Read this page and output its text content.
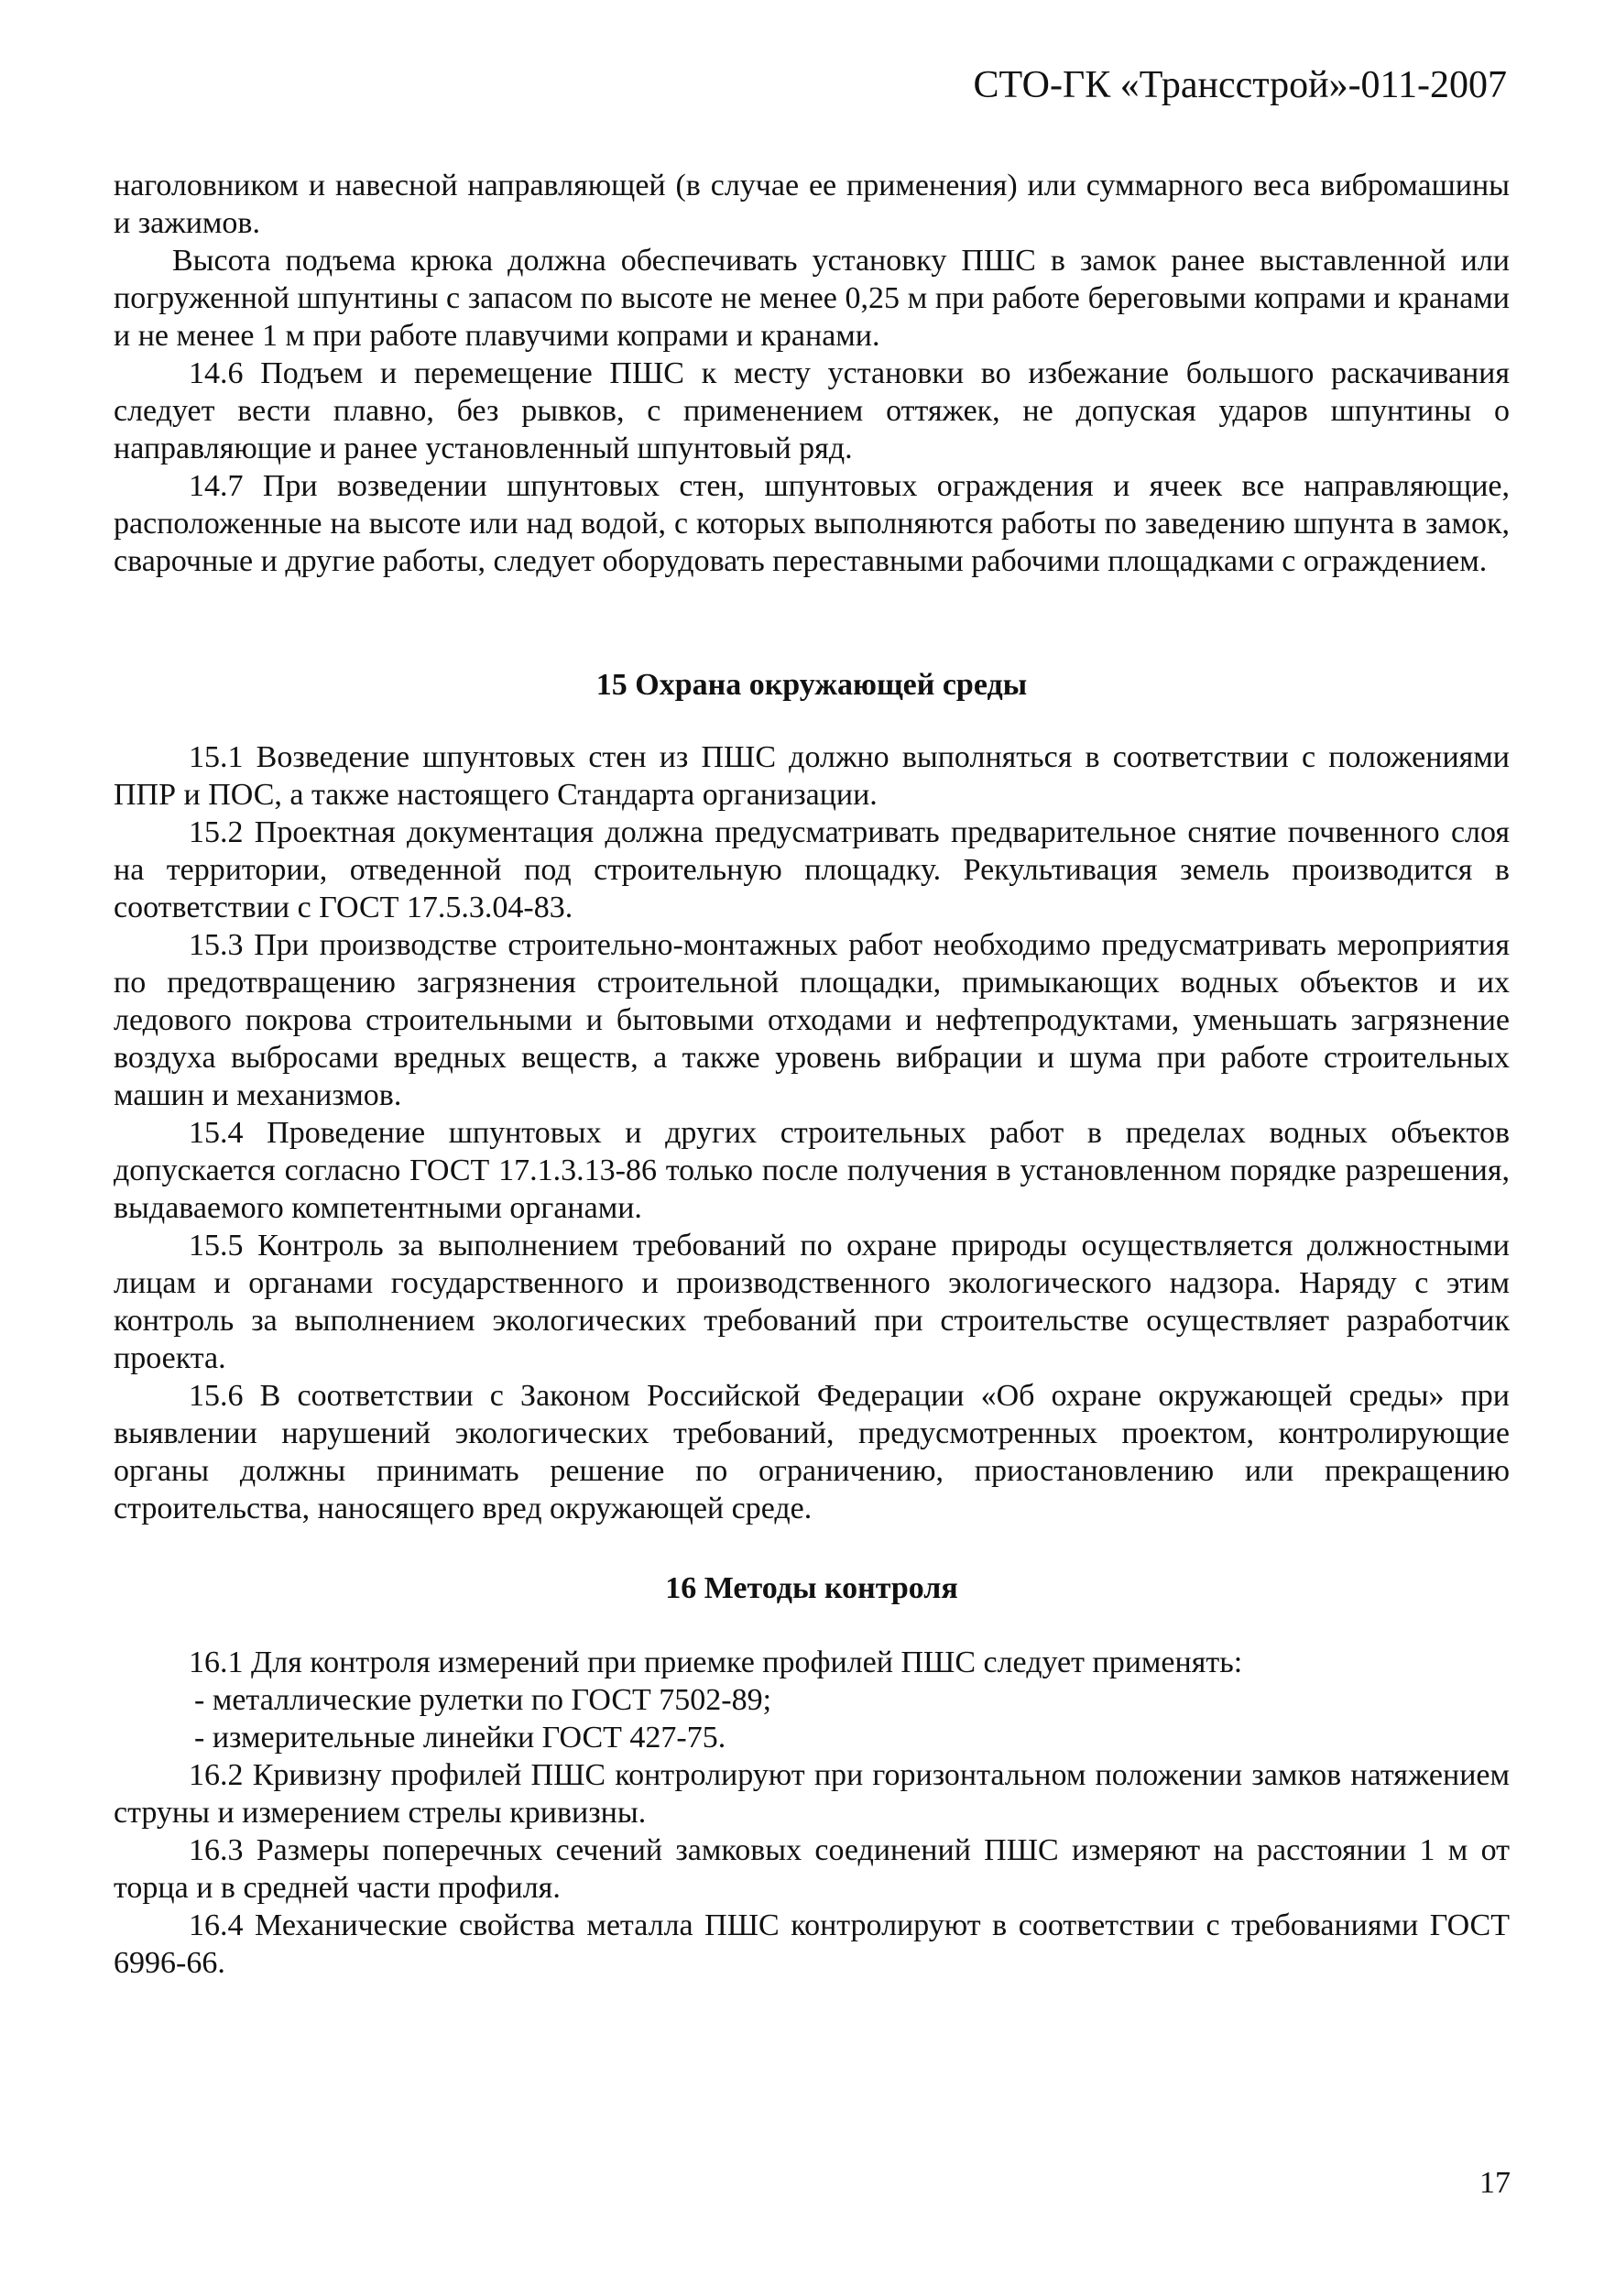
СТО-ГК «Трансстрой»-011-2007

наголовником и навесной направляющей (в случае ее применения) или суммарного веса вибромашины и зажимов.

Высота подъема крюка должна обеспечивать установку ПШС в замок ранее выставленной или погруженной шпунтины с запасом по высоте не менее 0,25 м при работе береговыми копрами и кранами и не менее 1 м при работе плавучими копрами и кранами.

14.6 Подъем и перемещение ПШС к месту установки во избежание большого раскачивания следует вести плавно, без рывков, с применением оттяжек, не допуская ударов шпунтины о направляющие и ранее установленный шпунтовый ряд.

14.7 При возведении шпунтовых стен, шпунтовых ограждения и ячеек все направляющие, расположенные на высоте или над водой, с которых выполняются работы по заведению шпунта в замок, сварочные и другие работы, следует оборудовать переставными рабочими площадками с ограждением.

15 Охрана окружающей среды

15.1 Возведение шпунтовых стен из ПШС должно выполняться в соответствии с положениями ППР и ПОС, а также настоящего Стандарта организации.

15.2 Проектная документация должна предусматривать предварительное снятие почвенного слоя на территории, отведенной под строительную площадку. Рекультивация земель производится в соответствии с ГОСТ 17.5.3.04-83.

15.3 При производстве строительно-монтажных работ необходимо предусматривать мероприятия по предотвращению загрязнения строительной площадки, примыкающих водных объектов и их ледового покрова строительными и бытовыми отходами и нефтепродуктами, уменьшать загрязнение воздуха выбросами вредных веществ, а также уровень вибрации и шума при работе строительных машин и механизмов.

15.4 Проведение шпунтовых и других строительных работ в пределах водных объектов допускается согласно ГОСТ 17.1.3.13-86 только после получения в установленном порядке разрешения, выдаваемого компетентными органами.

15.5 Контроль за выполнением требований по охране природы осуществляется должностными лицам и органами государственного и производственного экологического надзора. Наряду с этим контроль за выполнением экологических требований при строительстве осуществляет разработчик проекта.

15.6 В соответствии с Законом Российской Федерации «Об охране окружающей среды» при выявлении нарушений экологических требований, предусмотренных проектом, контролирующие органы должны принимать решение по ограничению, приостановлению или прекращению строительства, наносящего вред окружающей среде.

16 Методы контроля

16.1 Для контроля измерений при приемке профилей ПШС следует применять:

- металлические рулетки по ГОСТ 7502-89;

- измерительные линейки ГОСТ 427-75.

16.2 Кривизну профилей ПШС контролируют при горизонтальном положении замков натяжением струны и измерением стрелы кривизны.

16.3 Размеры поперечных сечений замковых соединений ПШС измеряют на расстоянии 1 м от торца и в средней части профиля.

16.4 Механические свойства металла ПШС контролируют в соответствии с требованиями ГОСТ 6996-66.

17
